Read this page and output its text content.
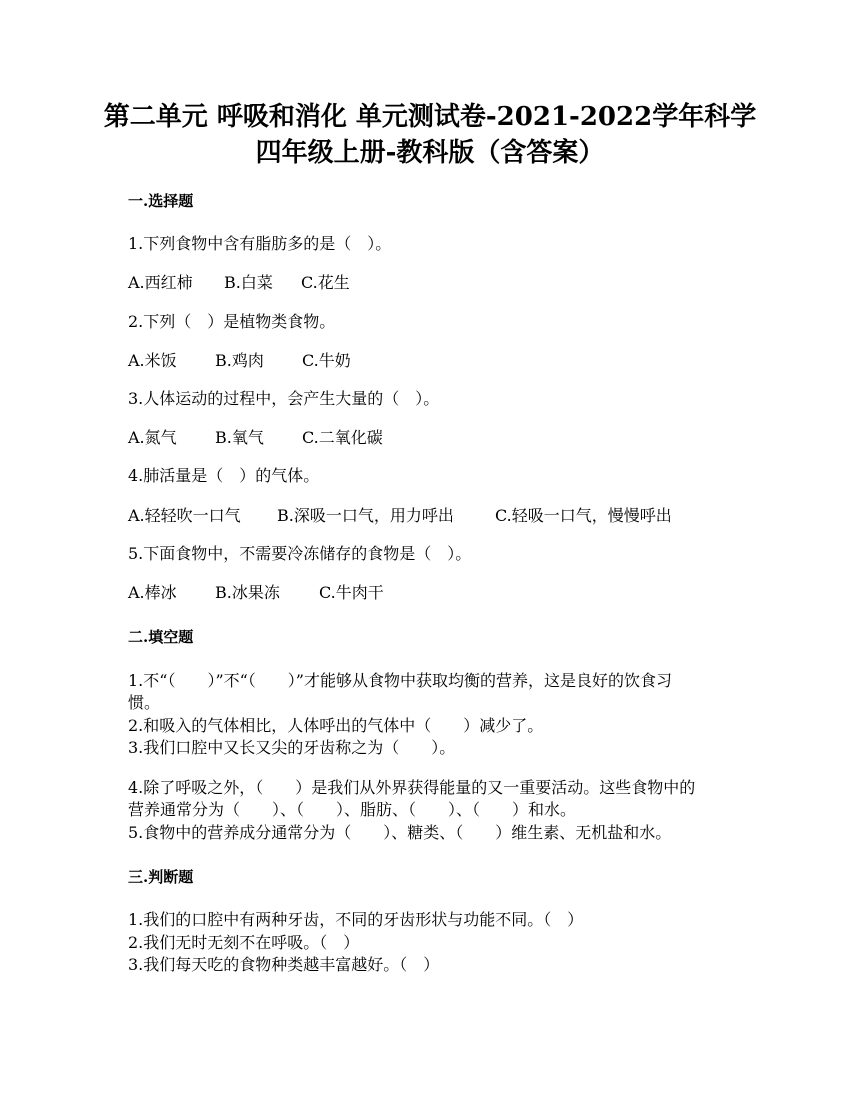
第二单元 呼吸和消化 单元测试卷-2021-2022学年科学
四年级上册-教科版（含答案）
一.选择题
1.下列食物中含有脂肪多的是（　）。
A.西红柿 B.白菜 C.花生
2.下列（　）是植物类食物。
A.米饭 B.鸡肉 C.牛奶
3.人体运动的过程中，会产生大量的（　）。
A.氮气 B.氧气 C.二氧化碳
4.肺活量是（　）的气体。
A.轻轻吹一口气 B.深吸一口气，用力呼出	C.轻吸一口气，慢慢呼出
5.下面食物中，不需要冷冻储存的食物是（　）。
A.棒冰 B.冰果冻 C.牛肉干
二.填空题
1.不“（　　）”不“（　　）”才能够从食物中获取均衡的营养，这是良好的饮食习
惯。
2.和吸入的气体相比，人体呼出的气体中（　　）减少了。
3.我们口腔中又长又尖的牙齿称之为（　　）。
4.除了呼吸之外，（　　）是我们从外界获得能量的又一重要活动。这些食物中的
营养通常分为（　　）、（　　）、脂肪、（　　）、（　　）和水。
5.食物中的营养成分通常分为（　　）、糖类、（　　）维生素、无机盐和水。
三.判断题
1.我们的口腔中有两种牙齿，不同的牙齿形状与功能不同。（　）
2.我们无时无刻不在呼吸。（　）
3.我们每天吃的食物种类越丰富越好。（　）
